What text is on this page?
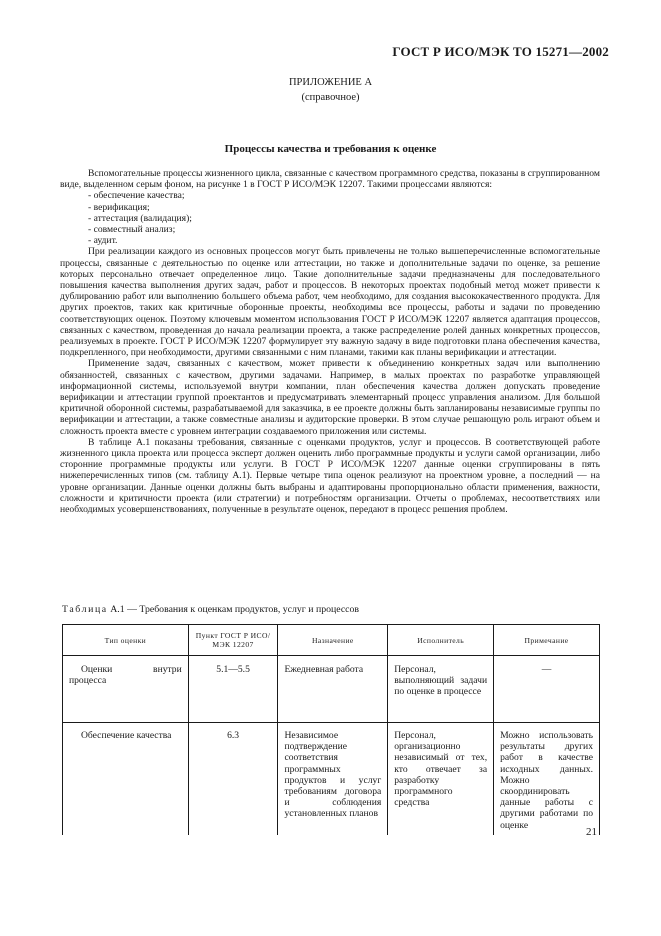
ГОСТ Р ИСО/МЭК ТО 15271—2002
ПРИЛОЖЕНИЕ А
(справочное)
Процессы качества и требования к оценке

Вспомогательные процессы жизненного цикла, связанные с качеством программного средства, показаны в сгруппированном виде, выделенном серым фоном, на рисунке 1 в ГОСТ Р ИСО/МЭК 12207. Такими процессами являются:

- обеспечение качества;
- верификация;
- аттестация (валидация);
- совместный анализ;
- аудит.

При реализации каждого из основных процессов могут быть привлечены не только вышеперечисленные вспомогательные процессы, связанные с деятельностью по оценке или аттестации, но также и дополнительные задачи по оценке, за решение которых персонально отвечает определенное лицо. Такие дополнительные задачи предназначены для последовательного повышения качества выполнения других задач, работ и процессов. В некоторых проектах подобный метод может привести к дублированию работ или выполнению большего объема работ, чем необходимо, для создания высококачественного продукта. Для других проектов, таких как критичные оборонные проекты, необходимы все процессы, работы и задачи по проведению соответствующих оценок. Поэтому ключевым моментом использования ГОСТ Р ИСО/МЭК 12207 является адаптация процессов, связанных с качеством, проведенная до начала реализации проекта, а также распределение ролей данных конкретных процессов, реализуемых в проекте. ГОСТ Р ИСО/МЭК 12207 формулирует эту важную задачу в виде подготовки плана обеспечения качества, подкрепленного, при необходимости, другими связанными с ним планами, такими как планы верификации и аттестации.

Применение задач, связанных с качеством, может привести к объединению конкретных задач или выполнению обязанностей, связанных с качеством, другими задачами. Например, в малых проектах по разработке управляющей информационной системы, используемой внутри компании, план обеспечения качества должен допускать проведение верификации и аттестации группой проектантов и предусматривать элементарный процесс управления анализом. Для большой критичной оборонной системы, разрабатываемой для заказчика, в ее проекте должны быть запланированы независимые группы по верификации и аттестации, а также совместные анализы и аудиторские проверки. В этом случае решающую роль играют объем и сложность проекта вместе с уровнем интеграции создаваемого приложения или системы.

В таблице А.1 показаны требования, связанные с оценками продуктов, услуг и процессов. В соответствующей работе жизненного цикла проекта или процесса эксперт должен оценить либо программные продукты и услуги самой организации, либо сторонние программные продукты или услуги. В ГОСТ Р ИСО/МЭК 12207 данные оценки сгруппированы в пять нижеперечисленных типов (см. таблицу А.1). Первые четыре типа оценок реализуют на проектном уровне, а последний — на уровне организации. Данные оценки должны быть выбраны и адаптированы пропорционально области применения, важности, сложности и критичности проекта (или стратегии) и потребностям организации. Отчеты о проблемах, несоответствиях или необходимых усовершенствованиях, полученные в результате оценок, передают в процесс решения проблем.

Таблица А.1 — Требования к оценкам продуктов, услуг и процессов
Тип оценки	Пункт ГОСТ Р ИСО/МЭК 12207	Назначение	Исполнитель	Примечание
Оценки внутри процесса	5.1—5.5	Ежедневная работа	Персонал, выполняющий задачи по оценке в процессе	—
Обеспечение качества	6.3	Независимое подтверждение соответствия программных продуктов и услуг требованиям договора и соблюдения установленных планов	Персонал, организационно независимый от тех, кто отвечает за разработку программного средства	Можно использовать результаты других работ в качестве исходных данных. Можно скоординировать данные работы с другими работами по оценке
21
